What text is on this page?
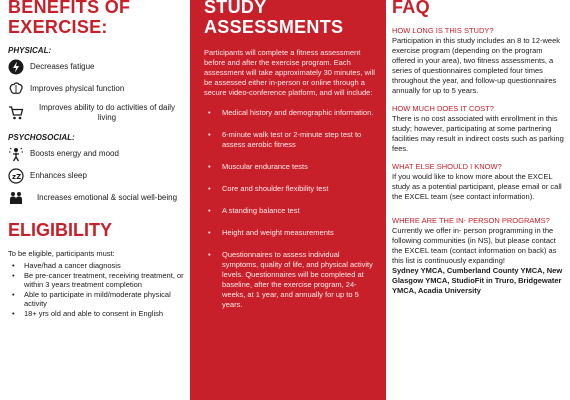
BENEFITS OF
EXERCISE:
PHYSICAL:
Decreases fatigue
Improves physical function
Improves ability to do activities of daily living
PSYCHOSOCIAL:
Boosts energy and mood
zZ Enhances sleep
Increases emotional & social well-being
ELIGIBILITY
To be eligible, participants must:
• Have/had a cancer diagnosis
• Be pre-cancer treatment, receiving treatment, or within 3 years treatment completion
• Able to participate in mild/moderate physical activity
• 18+ yrs old and able to consent in English
STUDY
ASSESSMENTS

Participants will complete a fitness assessment before and after the exercise program. Each assessment will take approximately 30 minutes, will be assessed either in-person or online through a secure video-conference platform, and will include:

• Medical history and demographic information.
• 6-minute walk test or 2-minute step test to assess aerobic fitness
• Muscular endurance tests
• Core and shoulder flexibility test
• A standing balance test
• Height and weight measurements
• Questionnaires to assess individual symptoms, quality of life, and physical activity levels. Questionnaires will be completed at baseline, after the exercise program, 24-weeks, at 1 year, and annually for up to 5 years.
FAQ
HOW LONG IS THIS STUDY?

Participation in this study includes an 8 to 12-week exercise program (depending on the program offered in your area), two fitness assessments, a series of questionnaires completed four times throughout the year, and follow-up questionnaires annually for up to 5 years.

HOW MUCH DOES IT COST?

There is no cost associated with enrollment in this study; however, participating at some partnering facilities may result in indirect costs such as parking fees.

WHAT ELSE SHOULD I KNOW?

If you would like to know more about the EXCEL study as a potential participant, please email or call the EXCEL team (see contact information).

WHERE ARE THE IN- PERSON PROGRAMS?

Currently we offer in- person programming in the following communities (in NS), but please contact the EXCEL team (contact information on back) as this list is continuously expanding!

Sydney YMCA, Cumberland County YMCA, New Glasgow YMCA, StudioFit in Truro, Bridgewater YMCA, Acadia University
